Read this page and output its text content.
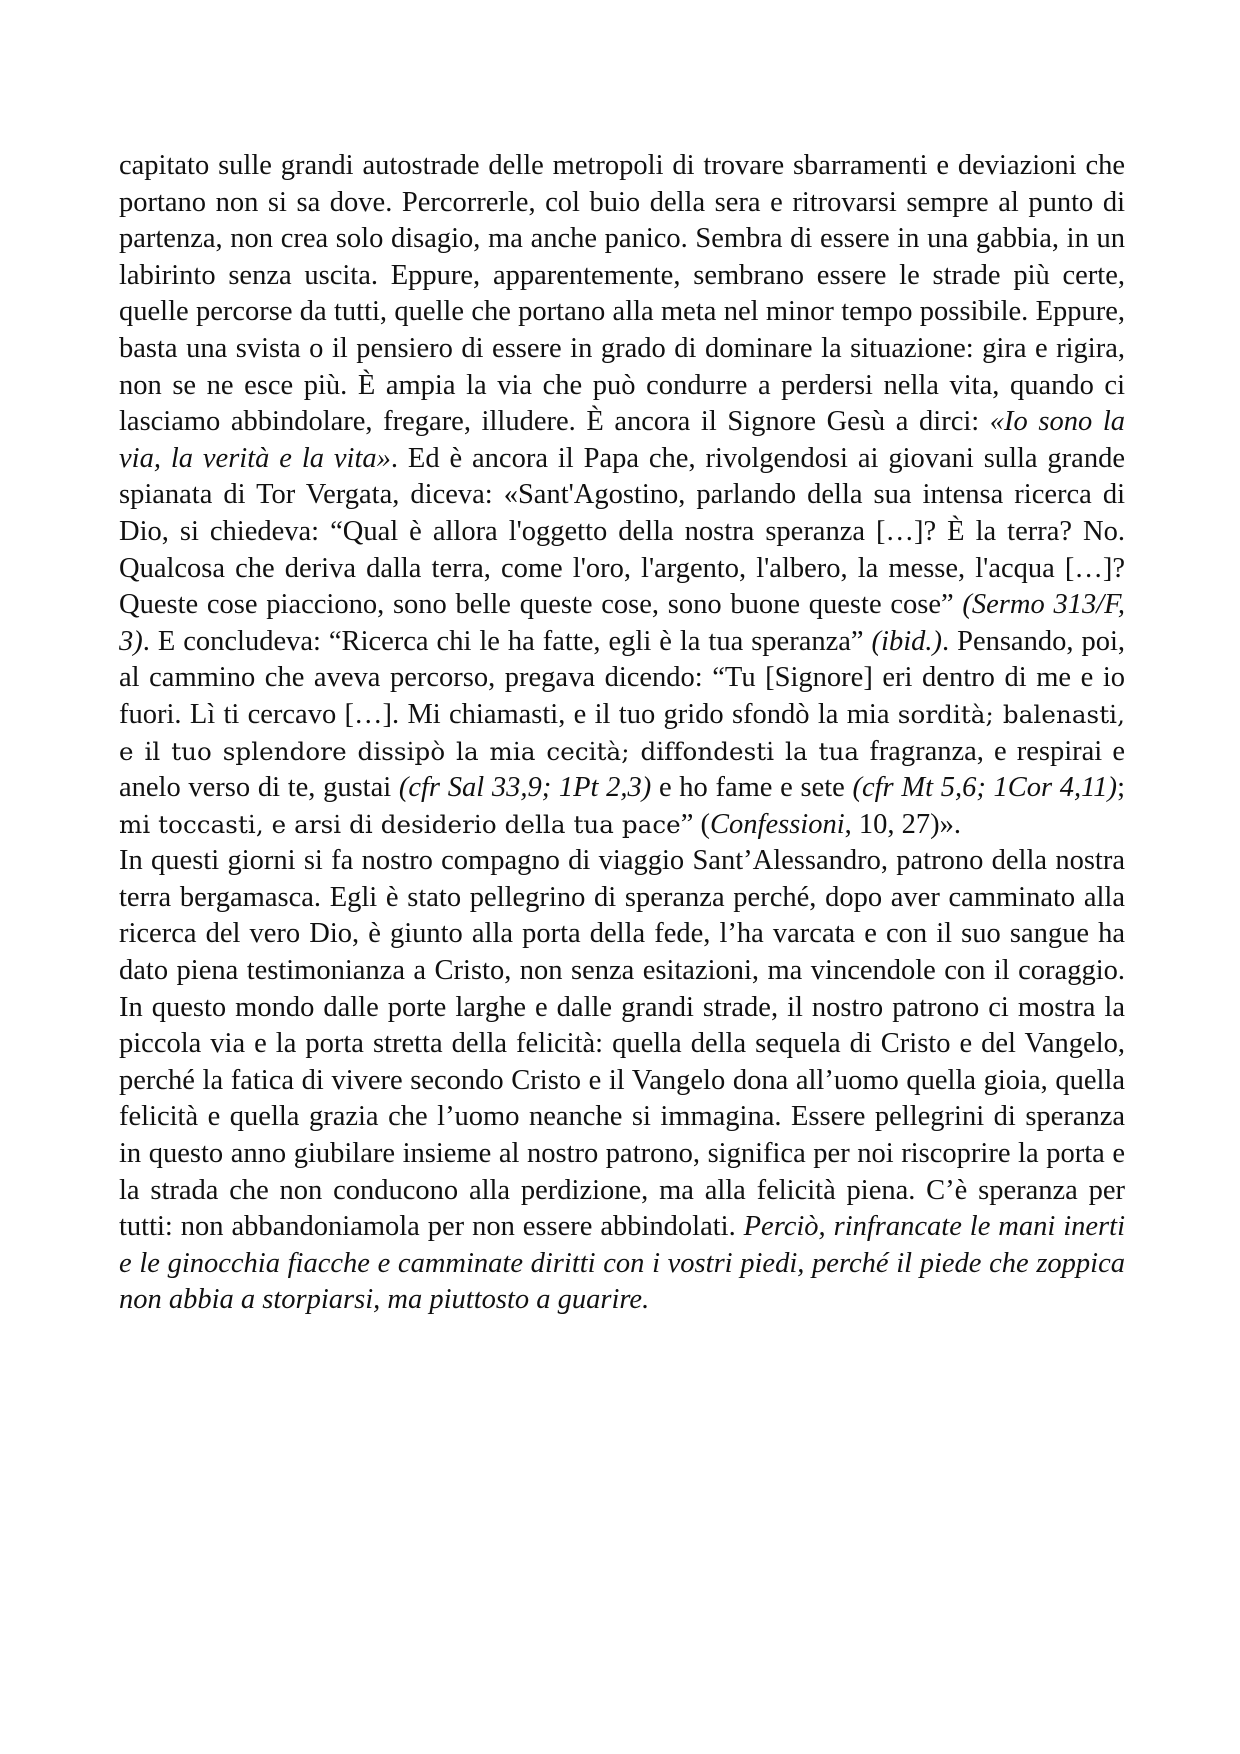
capitato sulle grandi autostrade delle metropoli di trovare sbarramenti e deviazioni che portano non si sa dove. Percorrerle, col buio della sera e ritrovarsi sempre al punto di partenza, non crea solo disagio, ma anche panico. Sembra di essere in una gabbia, in un labirinto senza uscita. Eppure, apparentemente, sembrano essere le strade più certe, quelle percorse da tutti, quelle che portano alla meta nel minor tempo possibile. Eppure, basta una svista o il pensiero di essere in grado di dominare la situazione: gira e rigira, non se ne esce più. È ampia la via che può condurre a perdersi nella vita, quando ci lasciamo abbindolare, fregare, illudere. È ancora il Signore Gesù a dirci: «Io sono la via, la verità e la vita». Ed è ancora il Papa che, rivolgendosi ai giovani sulla grande spianata di Tor Vergata, diceva: «Sant'Agostino, parlando della sua intensa ricerca di Dio, si chiedeva: “Qual è allora l'oggetto della nostra speranza […]? È la terra? No. Qualcosa che deriva dalla terra, come l'oro, l'argento, l'albero, la messe, l'acqua […]? Queste cose piacciono, sono belle queste cose, sono buone queste cose” (Sermo 313/F, 3). E concludeva: “Ricerca chi le ha fatte, egli è la tua speranza” (ibid.). Pensando, poi, al cammino che aveva percorso, pregava dicendo: “Tu [Signore] eri dentro di me e io fuori. Lì ti cercavo […]. Mi chiamasti, e il tuo grido sfondò la mia sordità; balenasti, e il tuo splendore dissipò la mia cecità; diffondesti la tua fragranza, e respirai e anelo verso di te, gustai (cfr Sal 33,9; 1Pt 2,3) e ho fame e sete (cfr Mt 5,6; 1Cor 4,11); mi toccasti, e arsi di desiderio della tua pace” (Confessioni, 10, 27)».

In questi giorni si fa nostro compagno di viaggio Sant’Alessandro, patrono della nostra terra bergamasca. Egli è stato pellegrino di speranza perché, dopo aver camminato alla ricerca del vero Dio, è giunto alla porta della fede, l’ha varcata e con il suo sangue ha dato piena testimonianza a Cristo, non senza esitazioni, ma vincendole con il coraggio. In questo mondo dalle porte larghe e dalle grandi strade, il nostro patrono ci mostra la piccola via e la porta stretta della felicità: quella della sequela di Cristo e del Vangelo, perché la fatica di vivere secondo Cristo e il Vangelo dona all’uomo quella gioia, quella felicità e quella grazia che l’uomo neanche si immagina. Essere pellegrini di speranza in questo anno giubilare insieme al nostro patrono, significa per noi riscoprire la porta e la strada che non conducono alla perdizione, ma alla felicità piena. C’è speranza per tutti: non abbandoniamola per non essere abbindolati. Perciò, rinfrancate le mani inerti e le ginocchia fiacche e camminate diritti con i vostri piedi, perché il piede che zoppica non abbia a storpiarsi, ma piuttosto a guarire.
